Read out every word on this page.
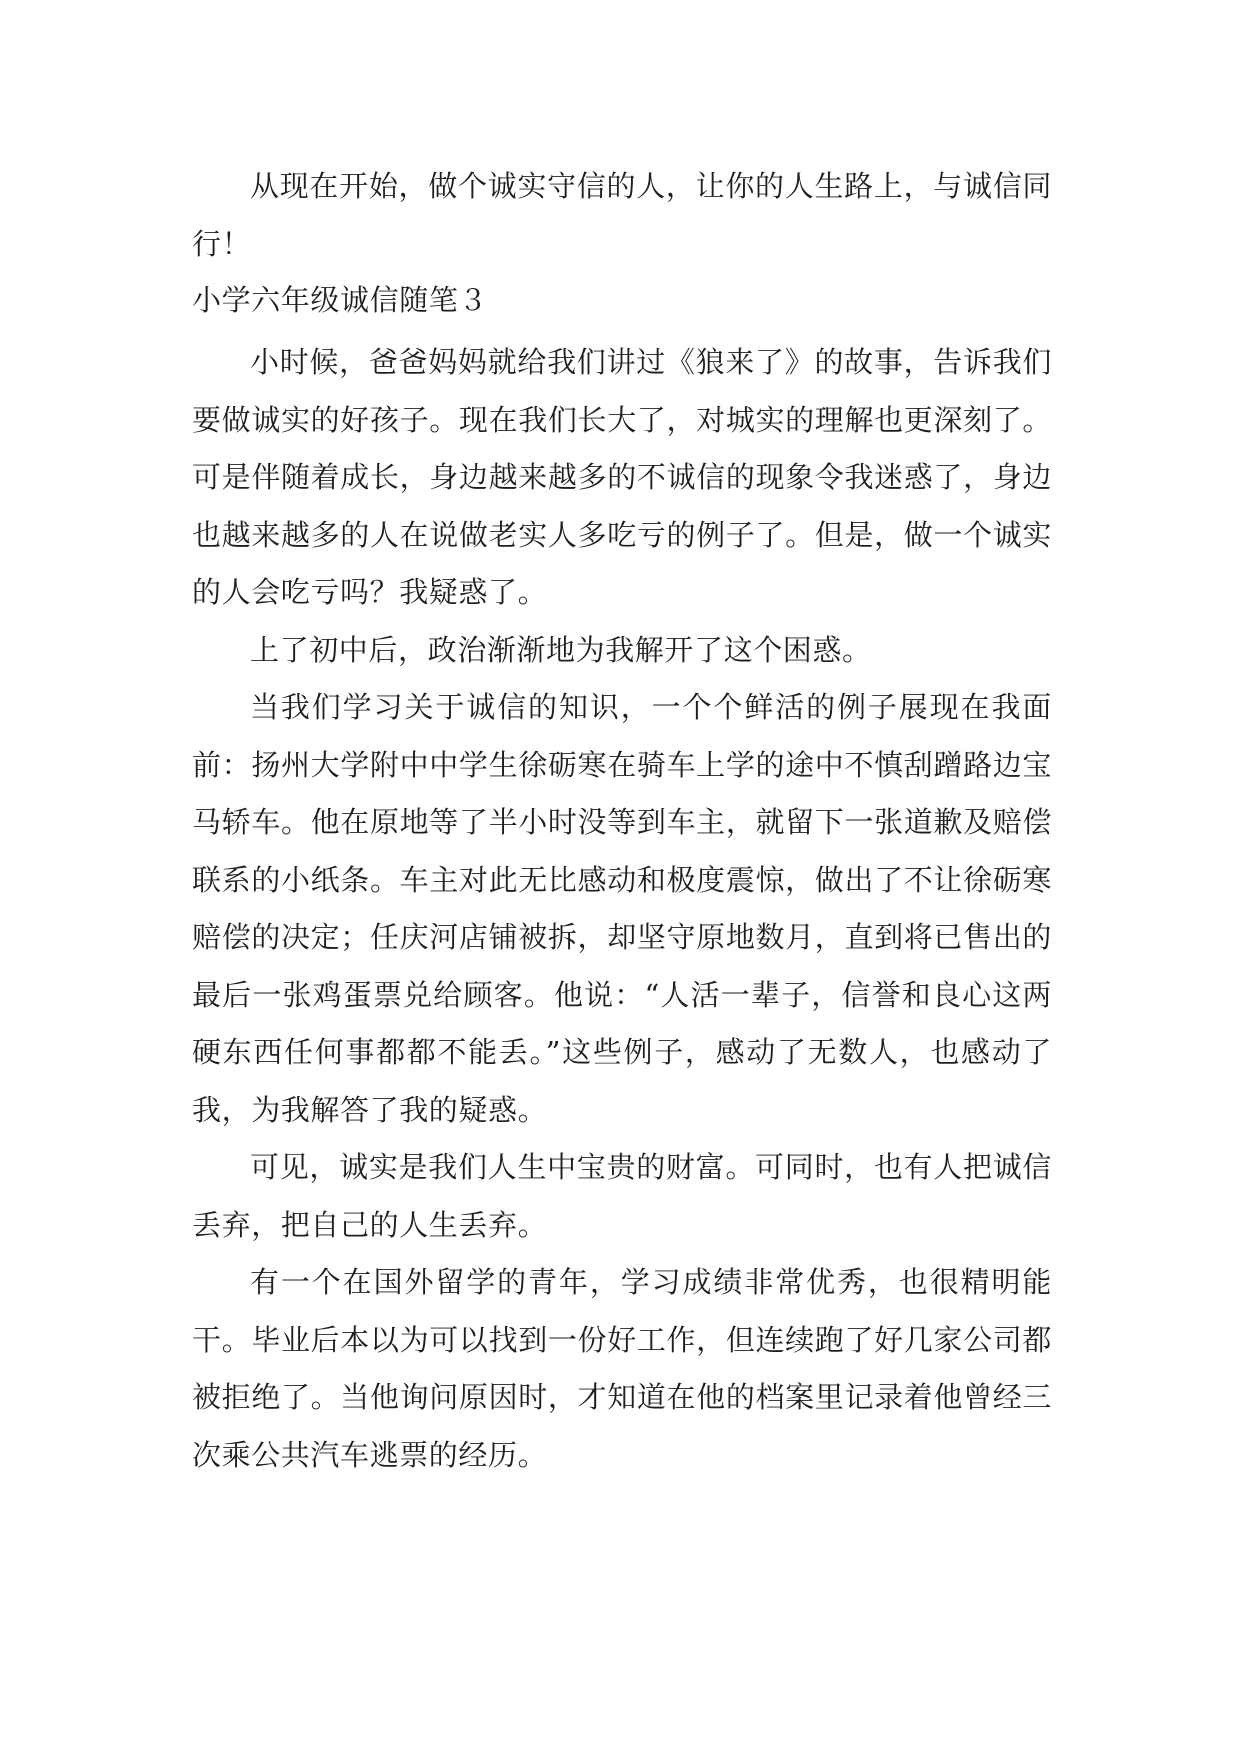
从现在开始，做个诚实守信的人，让你的人生路上，与诚信同行！

小学六年级诚信随笔３

小时候，爸爸妈妈就给我们讲过《狼来了》的故事，告诉我们要做诚实的好孩子。现在我们长大了，对城实的理解也更深刻了。可是伴随着成长，身边越来越多的不诚信的现象令我迷惑了，身边也越来越多的人在说做老实人多吃亏的例子了。但是，做一个诚实的人会吃亏吗？我疑惑了。

上了初中后，政治渐渐地为我解开了这个困惑。

当我们学习关于诚信的知识，一个个鲜活的例子展现在我面前：扬州大学附中中学生徐砺寒在骑车上学的途中不慎刮蹭路边宝马轿车。他在原地等了半小时没等到车主，就留下一张道歉及赔偿联系的小纸条。车主对此无比感动和极度震惊，做出了不让徐砺寒赔偿的决定；任庆河店铺被拆，却坚守原地数月，直到将已售出的最后一张鸡蛋票兑给顾客。他说：“人活一辈子，信誉和良心这两硬东西任何事都都不能丢。”这些例子，感动了无数人，也感动了我，为我解答了我的疑惑。

可见，诚实是我们人生中宝贵的财富。可同时，也有人把诚信丢弃，把自己的人生丢弃。

有一个在国外留学的青年，学习成绩非常优秀，也很精明能干。毕业后本以为可以找到一份好工作，但连续跑了好几家公司都被拒绝了。当他询问原因时，才知道在他的档案里记录着他曾经三次乘公共汽车逃票的经历。
